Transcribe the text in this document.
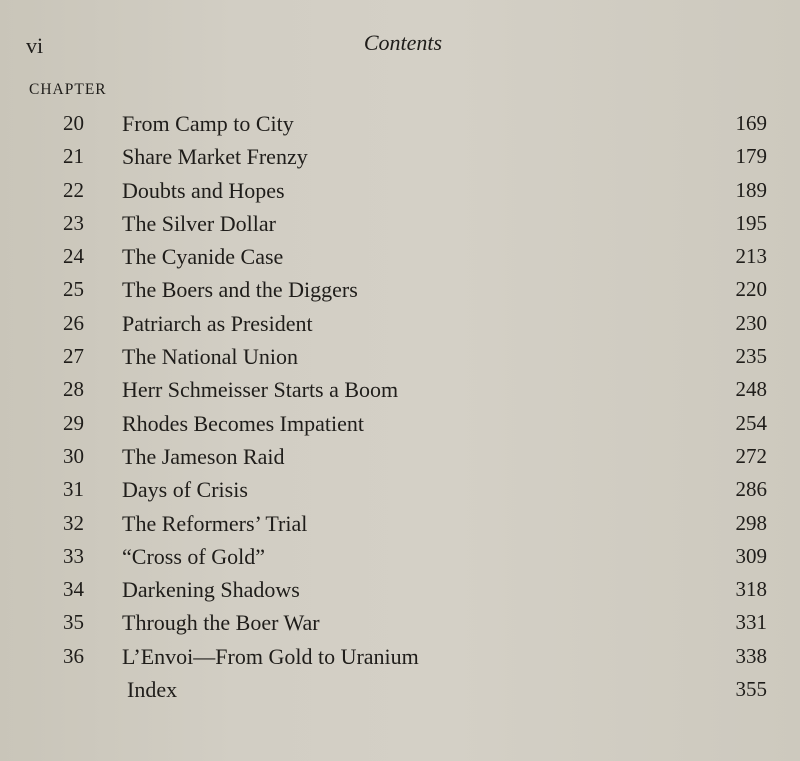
vi	Contents
CHAPTER
20	From Camp to City	169
21	Share Market Frenzy	179
22	Doubts and Hopes	189
23	The Silver Dollar	195
24	The Cyanide Case	213
25	The Boers and the Diggers	220
26	Patriarch as President	230
27	The National Union	235
28	Herr Schmeisser Starts a Boom	248
29	Rhodes Becomes Impatient	254
30	The Jameson Raid	272
31	Days of Crisis	286
32	The Reformers’ Trial	298
33	“Cross of Gold”	309
34	Darkening Shadows	318
35	Through the Boer War	331
36	L’Envoi—From Gold to Uranium	338
Index	355
